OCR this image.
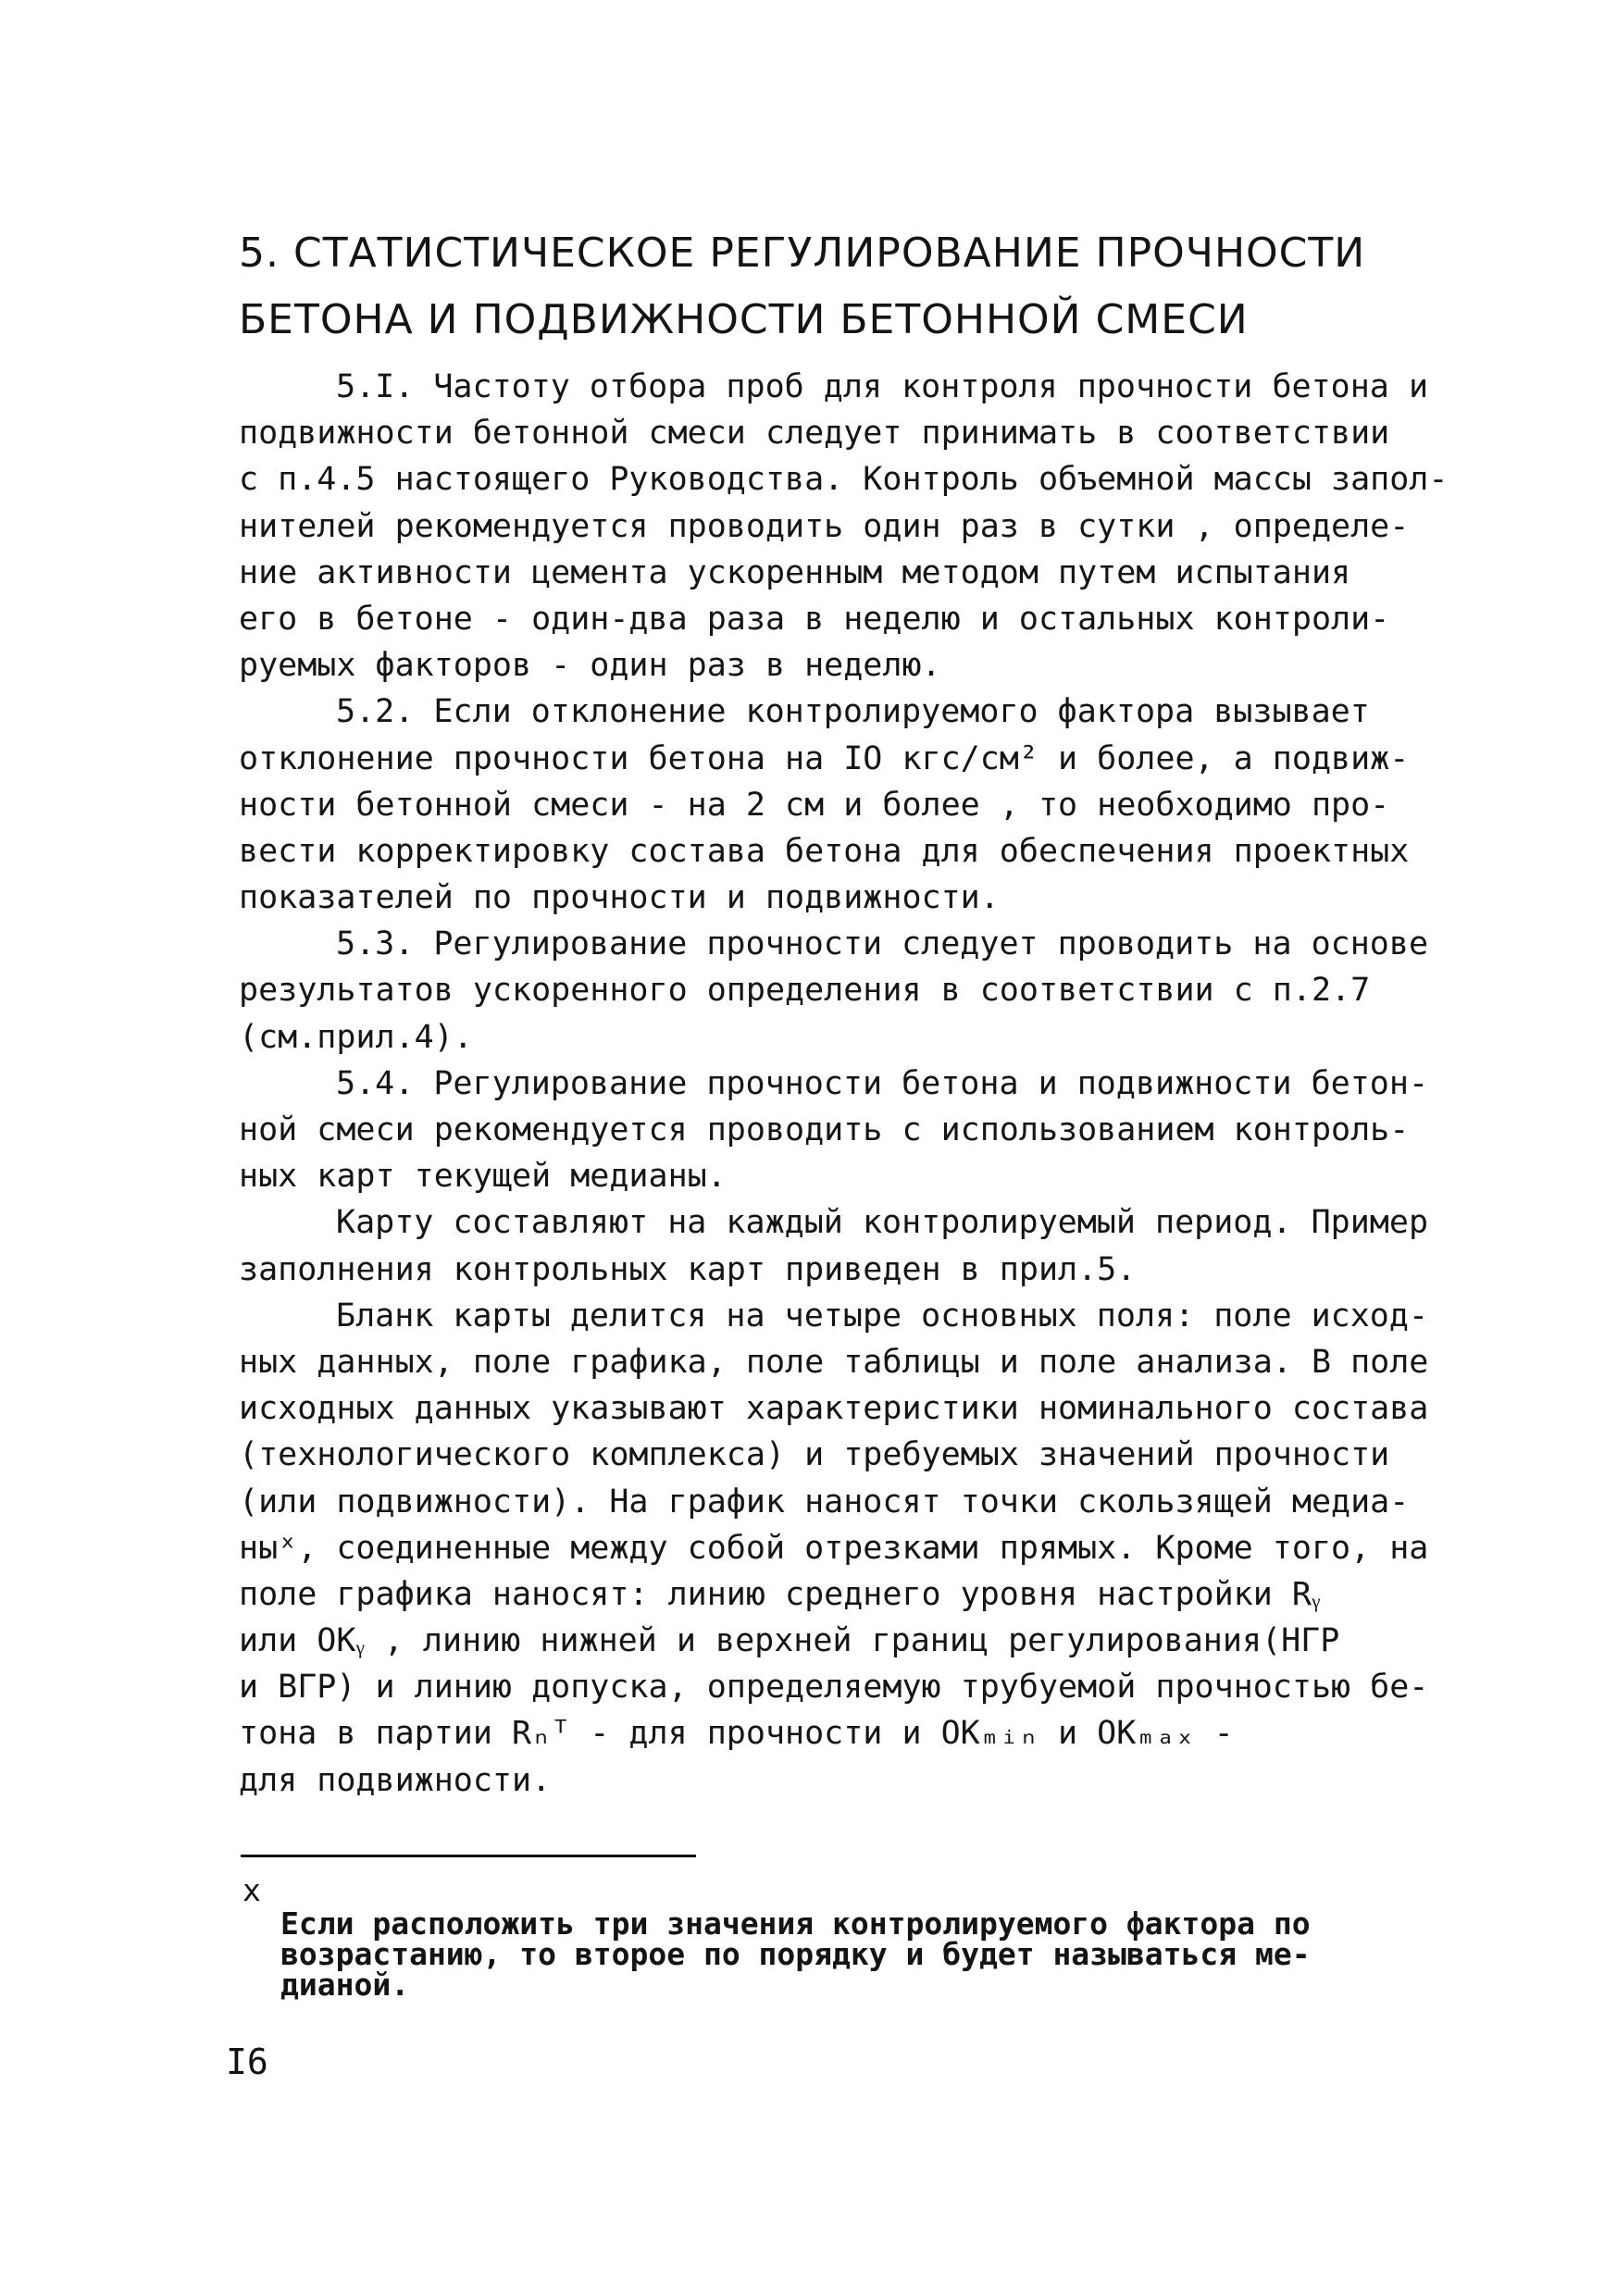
5. СТАТИСТИЧЕСКОЕ РЕГУЛИРОВАНИЕ ПРОЧНОСТИ
БЕТОНА И ПОДВИЖНОСТИ БЕТОННОЙ СМЕСИ
5.I. Частоту отбора проб для контроля прочности бетона и
подвижности бетонной смеси следует принимать в соответствии
с п.4.5 настоящего Руководства. Контроль объемной массы запол-
нителей рекомендуется проводить один раз в сутки , определе-
ние активности цемента ускоренным методом путем испытания
его в бетоне - один-два раза в неделю и остальных контроли-
руемых факторов - один раз в неделю.
5.2. Если отклонение контролируемого фактора вызывает
отклонение прочности бетона на IO кгс/см² и более, а подвиж-
ности бетонной смеси - на 2 см и более , то необходимо про-
вести корректировку состава бетона для обеспечения проектных
показателей по прочности и подвижности.
5.3. Регулирование прочности следует проводить на основе
результатов ускоренного определения в соответствии с п.2.7
(см.прил.4).
5.4. Регулирование прочности бетона и подвижности бетон-
ной смеси рекомендуется проводить с использованием контроль-
ных карт текущей медианы.
Карту составляют на каждый контролируемый период. Пример
заполнения контрольных карт приведен в прил.5.
Бланк карты делится на четыре основных поля: поле исход-
ных данных, поле графика, поле таблицы и поле анализа. В поле
исходных данных указывают характеристики номинального состава
(технологического комплекса) и требуемых значений прочности
(или подвижности). На график наносят точки скользящей медиа-
ныˣ, соединенные между собой отрезками прямых. Кроме того, на
поле графика наносят: линию среднего уровня настройки Rᵧ
или ОКᵧ , линию нижней и верхней границ регулирования(НГР
и ВГР) и линию допуска, определяемую трубуемой прочностью бе-
тона в партии Rₙᵀ - для прочности и ОКₘᵢₙ и ОКₘₐₓ -
для подвижности.
x
Если расположить три значения контролируемого фактора по
возрастанию, то второе по порядку и будет называться ме-
дианой.
I6
